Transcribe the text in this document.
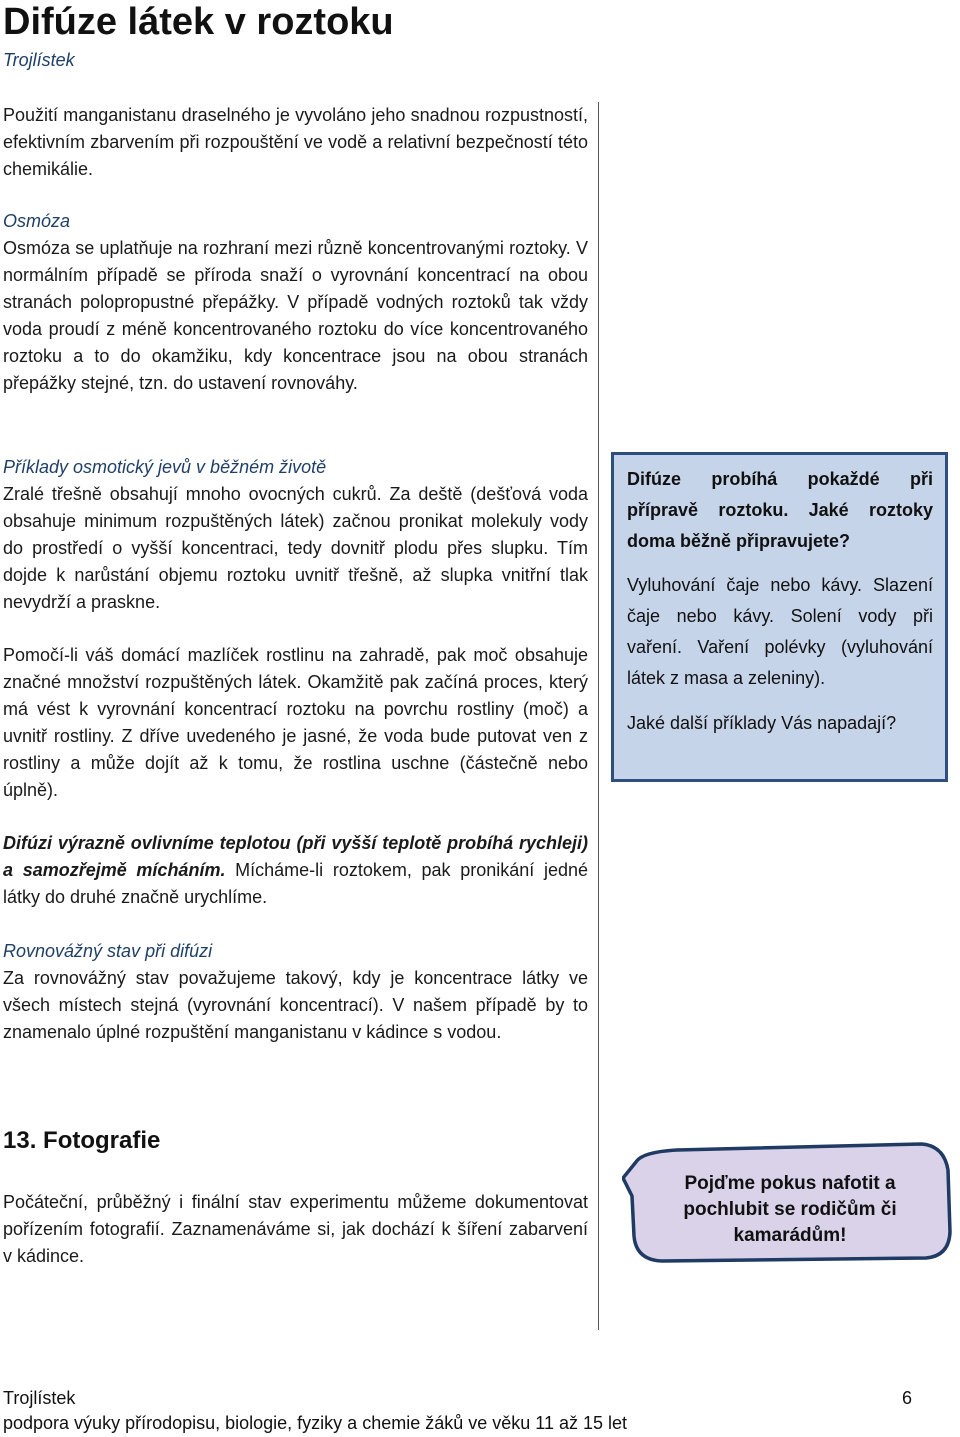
Difúze látek v roztoku
Trojlístek

Použití manganistanu draselného je vyvoláno jeho snadnou rozpustností, efektivním zbarvením při rozpouštění ve vodě a relativní bezpečností této chemikálie.

Osmóza
Osmóza se uplatňuje na rozhraní mezi různě koncentrovanými roztoky. V normálním případě se příroda snaží o vyrovnání koncentrací na obou stranách polopropustné přepážky. V případě vodných roztoků tak vždy voda proudí z méně koncentrovaného roztoku do více koncentrovaného roztoku a to do okamžiku, kdy koncentrace jsou na obou stranách přepážky stejné, tzn. do ustavení rovnováhy.
Příklady osmotický jevů v běžném životě
Zralé třešně obsahují mnoho ovocných cukrů. Za deště (dešťová voda obsahuje minimum rozpuštěných látek) začnou pronikat molekuly vody do prostředí o vyšší koncentraci, tedy dovnitř plodu přes slupku. Tím dojde k narůstání objemu roztoku uvnitř třešně, až slupka vnitřní tlak nevydrží a praskne.

Pomočí-li váš domácí mazlíček rostlinu na zahradě, pak moč obsahuje značné množství rozpuštěných látek. Okamžitě pak začíná proces, který má vést k vyrovnání koncentrací roztoku na povrchu rostliny (moč) a uvnitř rostliny. Z dříve uvedeného je jasné, že voda bude putovat ven z rostliny a může dojít až k tomu, že rostlina uschne (částečně nebo úplně).

Difúzi výrazně ovlivníme teplotou (při vyšší teplotě probíhá rychleji) a samozřejmě mícháním. Mícháme-li roztokem, pak pronikání jedné látky do druhé značně urychlíme.

Rovnovážný stav při difúzi
Za rovnovážný stav považujeme takový, kdy je koncentrace látky ve všech místech stejná (vyrovnání koncentrací). V našem případě by to znamenalo úplné rozpuštění manganistanu v kádince s vodou.

Počáteční, průběžný i finální stav experimentu můžeme dokumentovat pořízením fotografií. Zaznamenáváme si, jak dochází k šíření zabarvení v kádince.

13. Fotografie
Difúze probíhá pokaždé při přípravě roztoku. Jaké roztoky doma běžně připravujete?
Vyluhování čaje nebo kávy. Slazení čaje nebo kávy. Solení vody při vaření. Vaření polévky (vyluhování látek z masa a zeleniny).
Jaké další příklady Vás napadají?
Pojďme pokus nafotit a pochlubit se rodičům či kamarádům!
Trojlístek	6
podpora výuky přírodopisu, biologie, fyziky a chemie žáků ve věku 11 až 15 let
